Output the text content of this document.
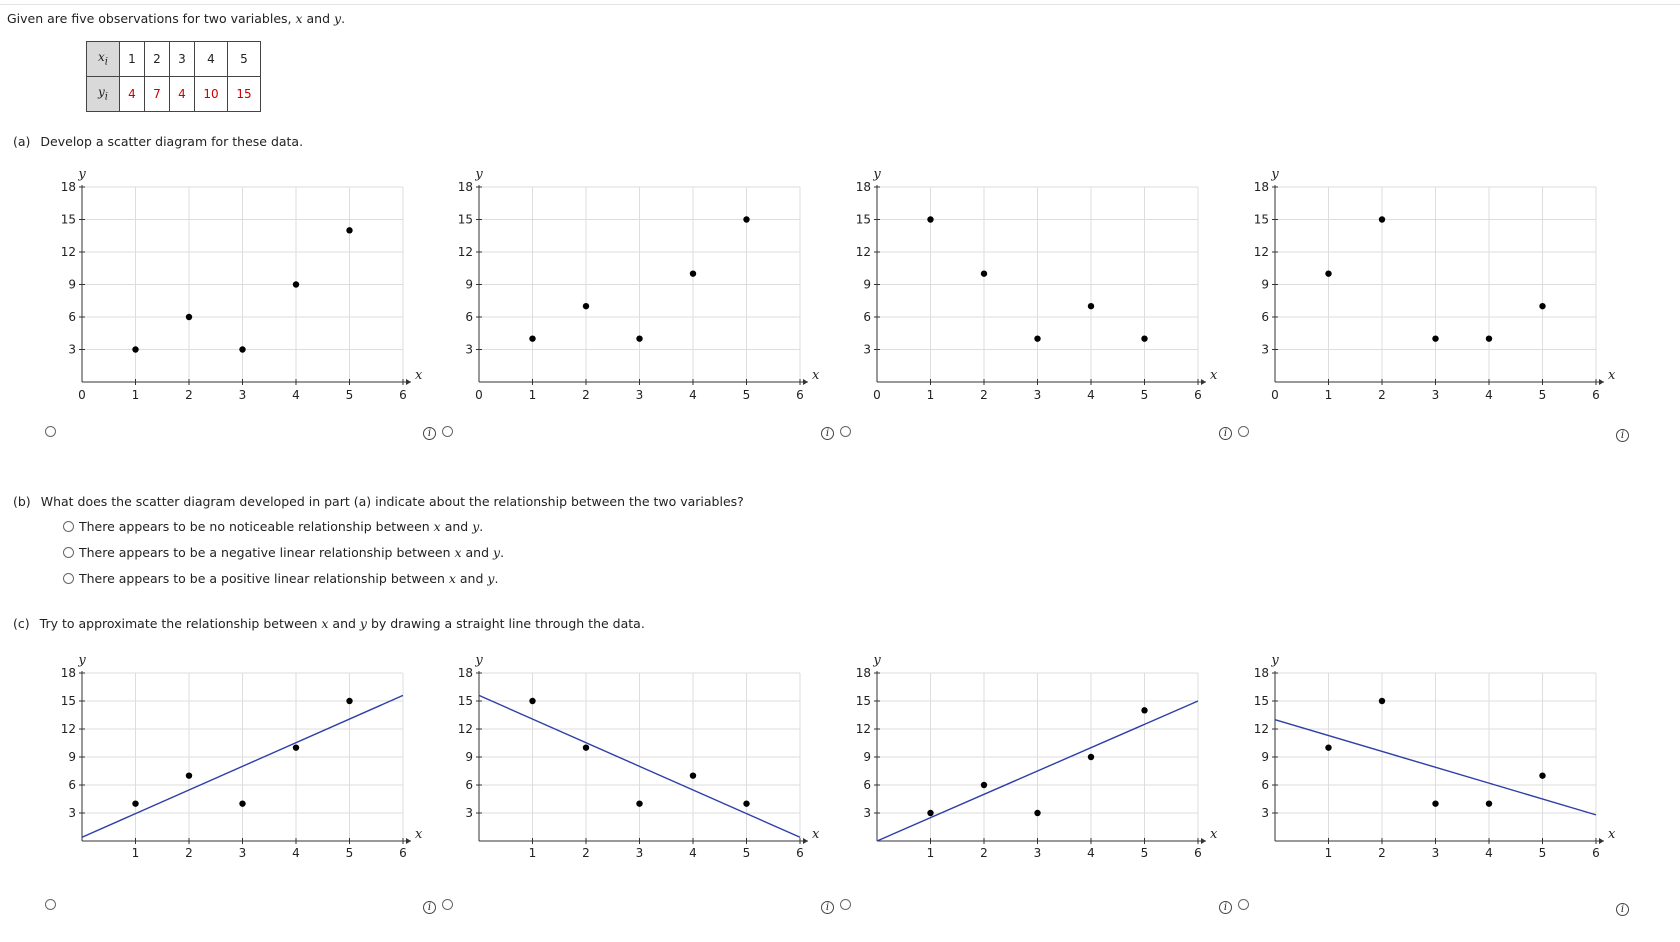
Given are five observations for two variables, x and y.
$x_i$	1	2	3	4	5
$y_i$	4	7	4	10	15
(a) Develop a scatter diagram for these data.
(b) What does the scatter diagram developed in part (a) indicate about the relationship between the two variables?
There appears to be no noticeable relationship between x and y.
There appears to be a negative linear relationship between x and y.
There appears to be a positive linear relationship between x and y.
(c) Try to approximate the relationship between x and y by drawing a straight line through the data.
0	1	2	3	4	5	6
3
6
9
12
15
18
x
y
0	1	2	3	4	5	6
3
6
9
12
15
18
x
y
0	1	2	3	4	5	6
3
6
9
12
15
18
x
y
0	1	2	3	4	5	6
3
6
9
12
15
18
x
y
1	2	3	4	5	6
3
6
9
12
15
18
x
y
1	2	3	4	5	6
3
6
9
12
15
18
x
y
1	2	3	4	5	6
3
6
9
12
15
18
x
y
1	2	3	4	5	6
3
6
9
12
15
18
x
y
i	i	i	i
i	i	i	i
